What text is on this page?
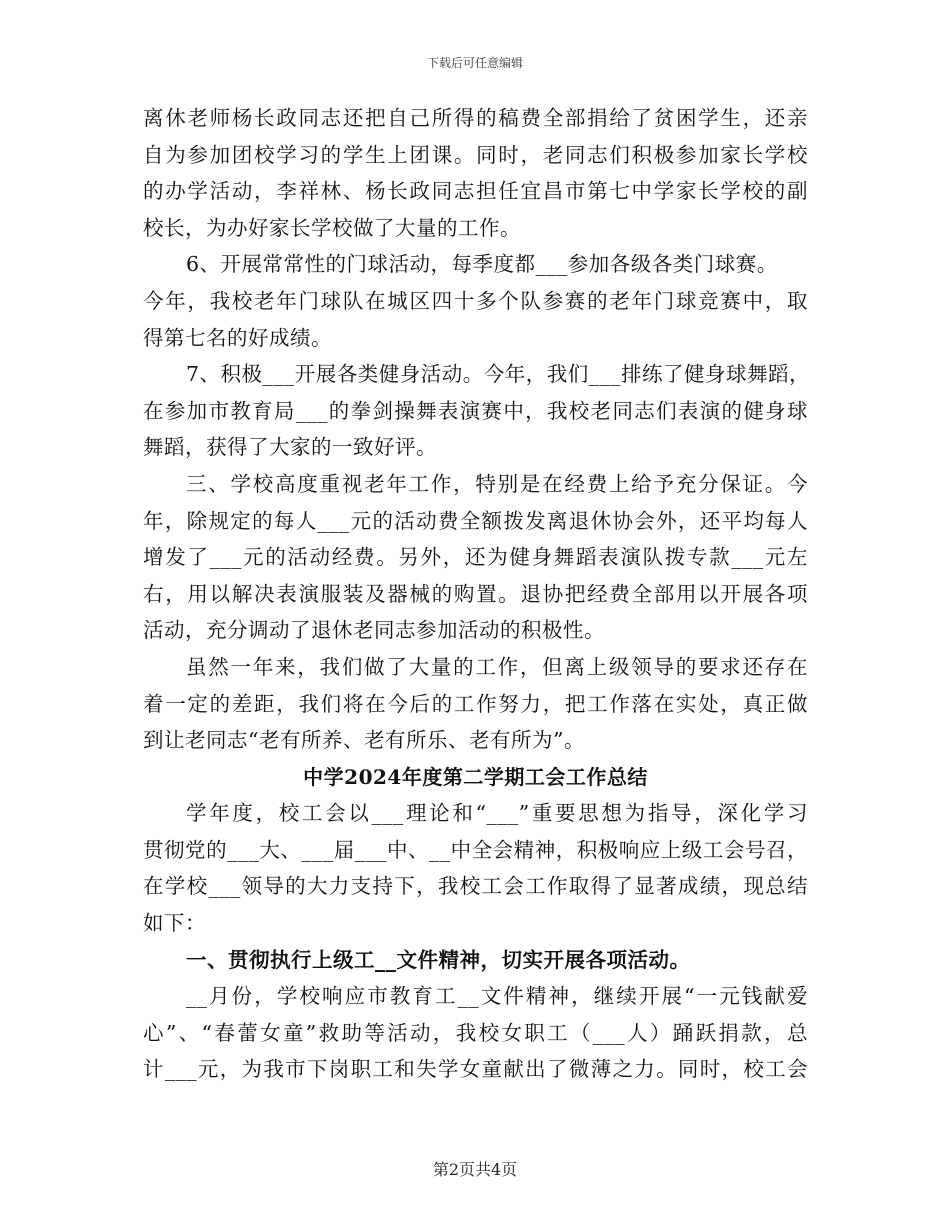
下载后可任意编辑
离休老师杨长政同志还把自己所得的稿费全部捐给了贫困学生，还亲
自为参加团校学习的学生上团课。同时，老同志们积极参加家长学校
的办学活动，李祥林、杨长政同志担任宜昌市第七中学家长学校的副
校长，为办好家长学校做了大量的工作。
6、开展常常性的门球活动，每季度都___参加各级各类门球赛。
今年，我校老年门球队在城区四十多个队参赛的老年门球竞赛中，取
得第七名的好成绩。
7、积极___开展各类健身活动。今年，我们___排练了健身球舞蹈，
在参加市教育局___的拳剑操舞表演赛中，我校老同志们表演的健身球
舞蹈，获得了大家的一致好评。
三、学校高度重视老年工作，特别是在经费上给予充分保证。今
年，除规定的每人___元的活动费全额拨发离退休协会外，还平均每人
增发了___元的活动经费。另外，还为健身舞蹈表演队拨专款___元左
右，用以解决表演服装及器械的购置。退协把经费全部用以开展各项
活动，充分调动了退休老同志参加活动的积极性。
虽然一年来，我们做了大量的工作，但离上级领导的要求还存在
着一定的差距，我们将在今后的工作努力，把工作落在实处，真正做
到让老同志“老有所养、老有所乐、老有所为”。
中学2024年度第二学期工会工作总结
学年度，校工会以___理论和“___”重要思想为指导，深化学习
贯彻党的___大、___届___中、__中全会精神，积极响应上级工会号召，
在学校___领导的大力支持下，我校工会工作取得了显著成绩，现总结
如下：
一、贯彻执行上级工__文件精神，切实开展各项活动。
__月份，学校响应市教育工__文件精神，继续开展“一元钱献爱
心”、“春蕾女童”救助等活动，我校女职工（___人）踊跃捐款，总
计___元，为我市下岗职工和失学女童献出了微薄之力。同时，校工会
第2页共4页
